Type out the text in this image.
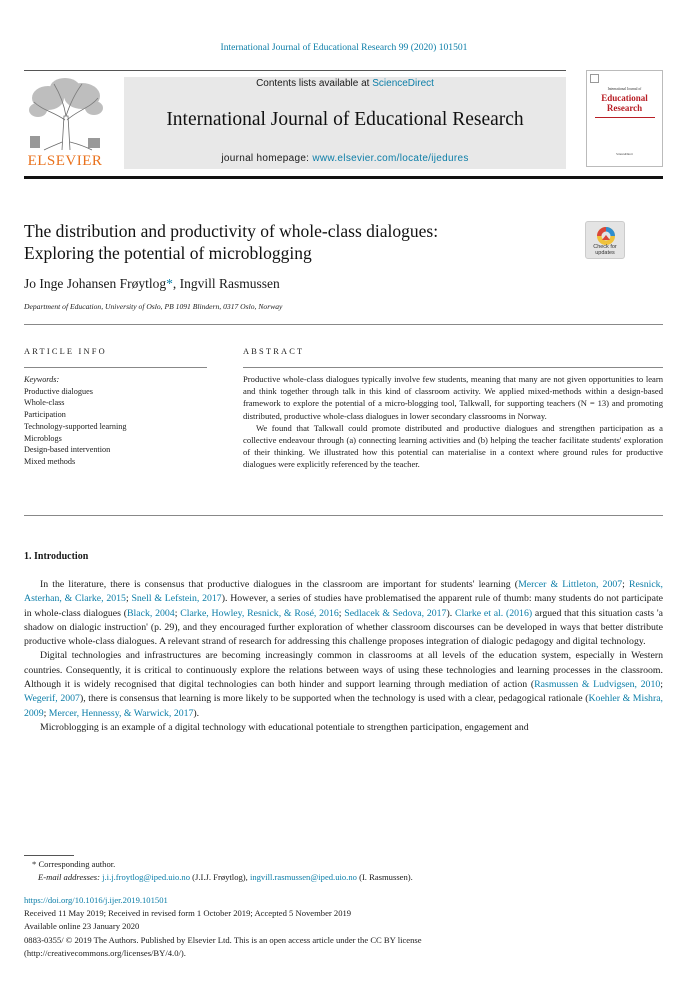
International Journal of Educational Research 99 (2020) 101501
ELSEVIER
Contents lists available at ScienceDirect
International Journal of Educational Research
journal homepage: www.elsevier.com/locate/ijedures
International Journal of
Educational
Research
ScienceDirect
The distribution and productivity of whole-class dialogues:
Exploring the potential of microblogging	Check for
updates
Jo Inge Johansen Frøytlog*, Ingvill Rasmussen
Department of Education, University of Oslo, PB 1091 Blindern, 0317 Oslo, Norway
ARTICLE INFO
Keywords:
Productive dialogues
Whole-class
Participation
Technology-supported learning
Microblogs
Design-based intervention
Mixed methods
ABSTRACT

Productive whole-class dialogues typically involve few students, meaning that many are not given opportunities to learn and think together through talk in this kind of classroom activity. We applied mixed-methods within a design-based framework to explore the potential of a micro-blogging tool, Talkwall, for supporting teachers (N = 13) and promoting distributed, productive whole-class dialogues in lower secondary classrooms in Norway.

We found that Talkwall could promote distributed and productive dialogues and strengthen participation as a collective endeavour through (a) connecting learning activities and (b) helping the teacher facilitate students' exploration of their thinking. We illustrated how this potential can materialise in a context where ground rules for productive dialogues were explicitly referenced by the teacher.

1. Introduction

In the literature, there is consensus that productive dialogues in the classroom are important for students' learning (Mercer & Littleton, 2007; Resnick, Asterhan, & Clarke, 2015; Snell & Lefstein, 2017). However, a series of studies have problematised the apparent rule of thumb: many students do not participate in whole-class dialogues (Black, 2004; Clarke, Howley, Resnick, & Rosé, 2016; Sedlacek & Sedova, 2017). Clarke et al. (2016) argued that this situation casts 'a shadow on dialogic instruction' (p. 29), and they encouraged further exploration of whether classroom discourses can be developed in ways that better distribute productive whole-class dialogues. A relevant strand of research for addressing this challenge proposes integration of dialogic pedagogy and digital technology.

Digital technologies and infrastructures are becoming increasingly common in classrooms at all levels of the education system, especially in Western countries. Consequently, it is critical to continuously explore the relations between ways of using these technologies and learning processes in the classroom. Although it is widely recognised that digital technologies can both hinder and support learning through mediation of action (Rasmussen & Ludvigsen, 2010; Wegerif, 2007), there is consensus that learning is more likely to be supported when the technology is used with a clear, pedagogical rationale (Koehler & Mishra, 2009; Mercer, Hennessy, & Warwick, 2017).

Microblogging is an example of a digital technology with educational potentiale to strengthen participation, engagement and

* Corresponding author.
E-mail addresses: j.i.j.froytlog@iped.uio.no (J.I.J. Frøytlog), ingvill.rasmussen@iped.uio.no (I. Rasmussen).
https://doi.org/10.1016/j.ijer.2019.101501
Received 11 May 2019; Received in revised form 1 October 2019; Accepted 5 November 2019
Available online 23 January 2020
0883-0355/ © 2019 The Authors. Published by Elsevier Ltd. This is an open access article under the CC BY license
(http://creativecommons.org/licenses/BY/4.0/).
